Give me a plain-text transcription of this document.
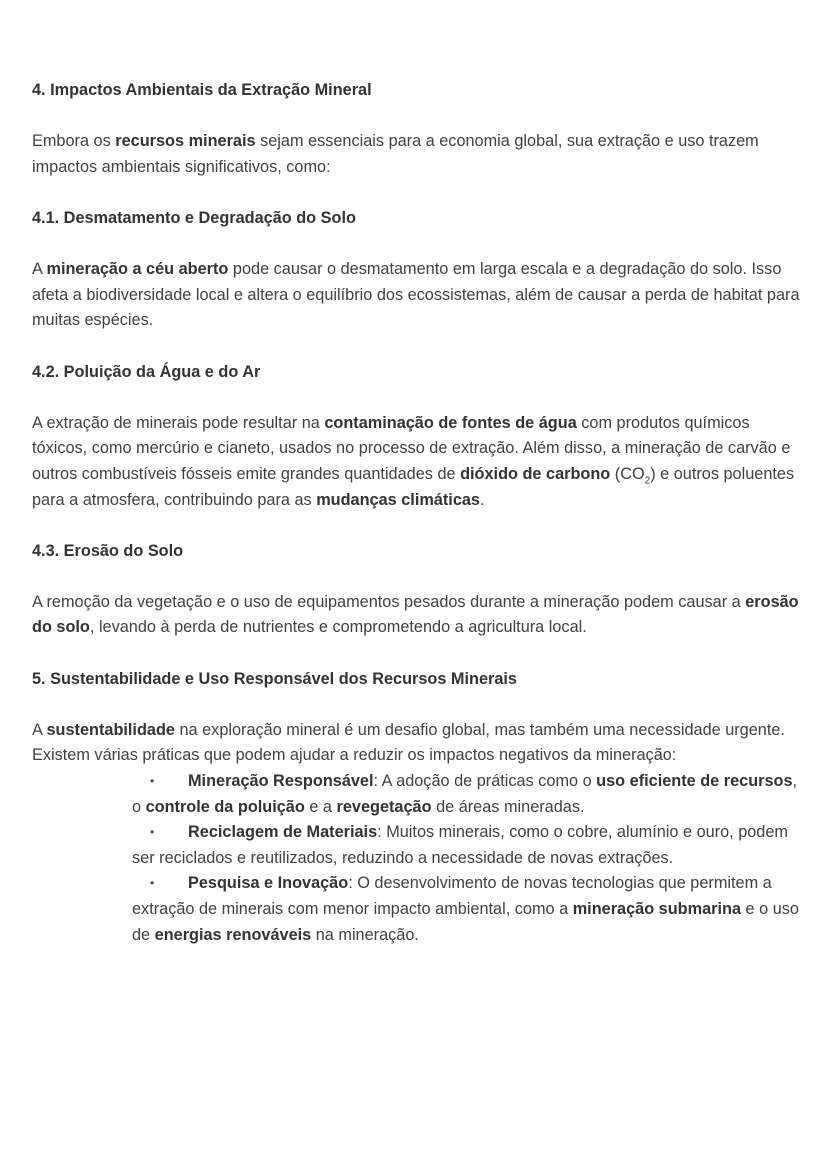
4. Impactos Ambientais da Extração Mineral

Embora os recursos minerais sejam essenciais para a economia global, sua extração e uso trazem impactos ambientais significativos, como:

4.1. Desmatamento e Degradação do Solo

A mineração a céu aberto pode causar o desmatamento em larga escala e a degradação do solo. Isso afeta a biodiversidade local e altera o equilíbrio dos ecossistemas, além de causar a perda de habitat para muitas espécies.

4.2. Poluição da Água e do Ar

A extração de minerais pode resultar na contaminação de fontes de água com produtos químicos tóxicos, como mercúrio e cianeto, usados no processo de extração. Além disso, a mineração de carvão e outros combustíveis fósseis emite grandes quantidades de dióxido de carbono $(CO_2)$ e outros poluentes para a atmosfera, contribuindo para as mudanças climáticas.

4.3. Erosão do Solo

A remoção da vegetação e o uso de equipamentos pesados durante a mineração podem causar a erosão do solo, levando à perda de nutrientes e comprometendo a agricultura local.

5. Sustentabilidade e Uso Responsável dos Recursos Minerais

A sustentabilidade na exploração mineral é um desafio global, mas também uma necessidade urgente. Existem várias práticas que podem ajudar a reduzir os impactos negativos da mineração:

•	Mineração Responsável: A adoção de práticas como o uso eficiente de recursos, o controle da poluição e a revegetação de áreas mineradas.
•	Reciclagem de Materiais: Muitos minerais, como o cobre, alumínio e ouro, podem ser reciclados e reutilizados, reduzindo a necessidade de novas extrações.
•	Pesquisa e Inovação: O desenvolvimento de novas tecnologias que permitem a extração de minerais com menor impacto ambiental, como a mineração submarina e o uso de energias renováveis na mineração.
